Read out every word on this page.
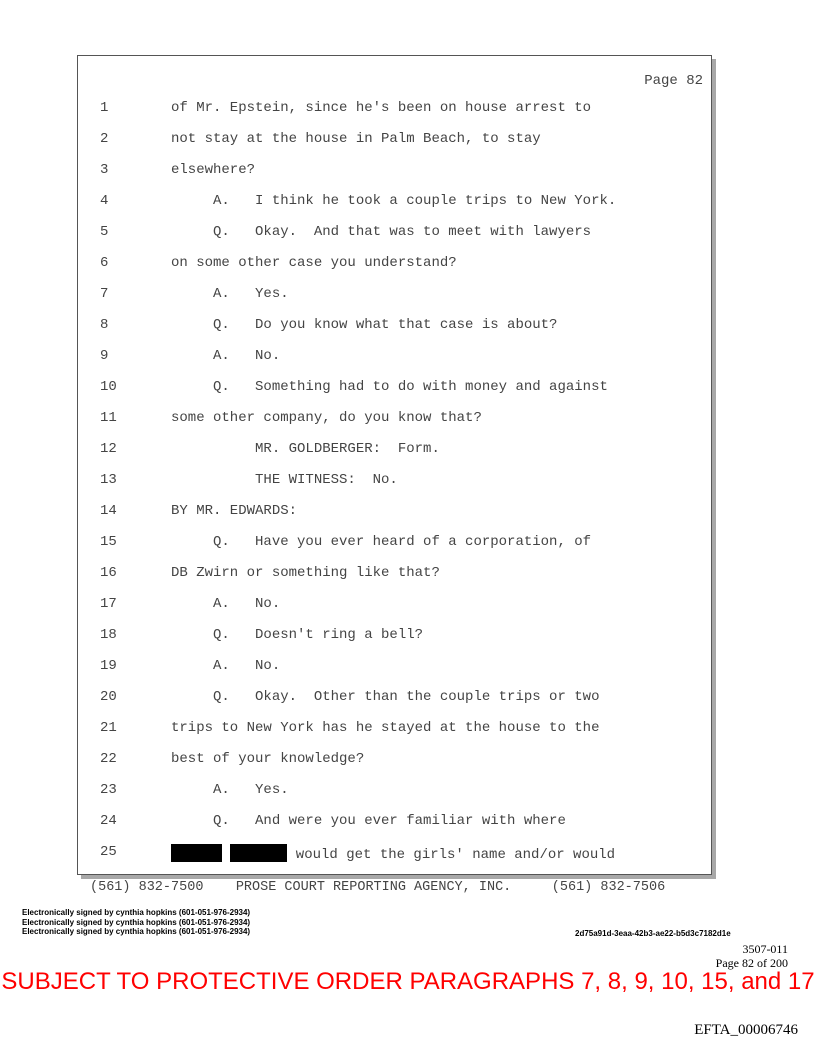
Page 82
1	of Mr. Epstein, since he's been on house arrest to
2	not stay at the house in Palm Beach, to stay
3	elsewhere?
4	A.   I think he took a couple trips to New York.
5	Q.   Okay.  And that was to meet with lawyers
6	on some other case you understand?
7	A.   Yes.
8	Q.   Do you know what that case is about?
9	A.   No.
10	Q.   Something had to do with money and against
11	some other company, do you know that?
12	MR. GOLDBERGER:  Form.
13	THE WITNESS:  No.
14	BY MR. EDWARDS:
15	Q.   Have you ever heard of a corporation, of
16	DB Zwirn or something like that?
17	A.   No.
18	Q.   Doesn't ring a bell?
19	A.   No.
20	Q.   Okay.  Other than the couple trips or two
21	trips to New York has he stayed at the house to the
22	best of your knowledge?
23	A.   Yes.
24	Q.   And were you ever familiar with where
25	would get the girls' name and/or would
(561) 832-7500    PROSE COURT REPORTING AGENCY, INC.     (561) 832-7506
Electronically signed by cynthia hopkins (601-051-976-2934)
Electronically signed by cynthia hopkins (601-051-976-2934)
Electronically signed by cynthia hopkins (601-051-976-2934)	2d75a91d-3eaa-42b3-ae22-b5d3c7182d1e
3507-011
Page 82 of 200
SUBJECT TO PROTECTIVE ORDER PARAGRAPHS 7, 8, 9, 10, 15, and 17
EFTA_00006746
